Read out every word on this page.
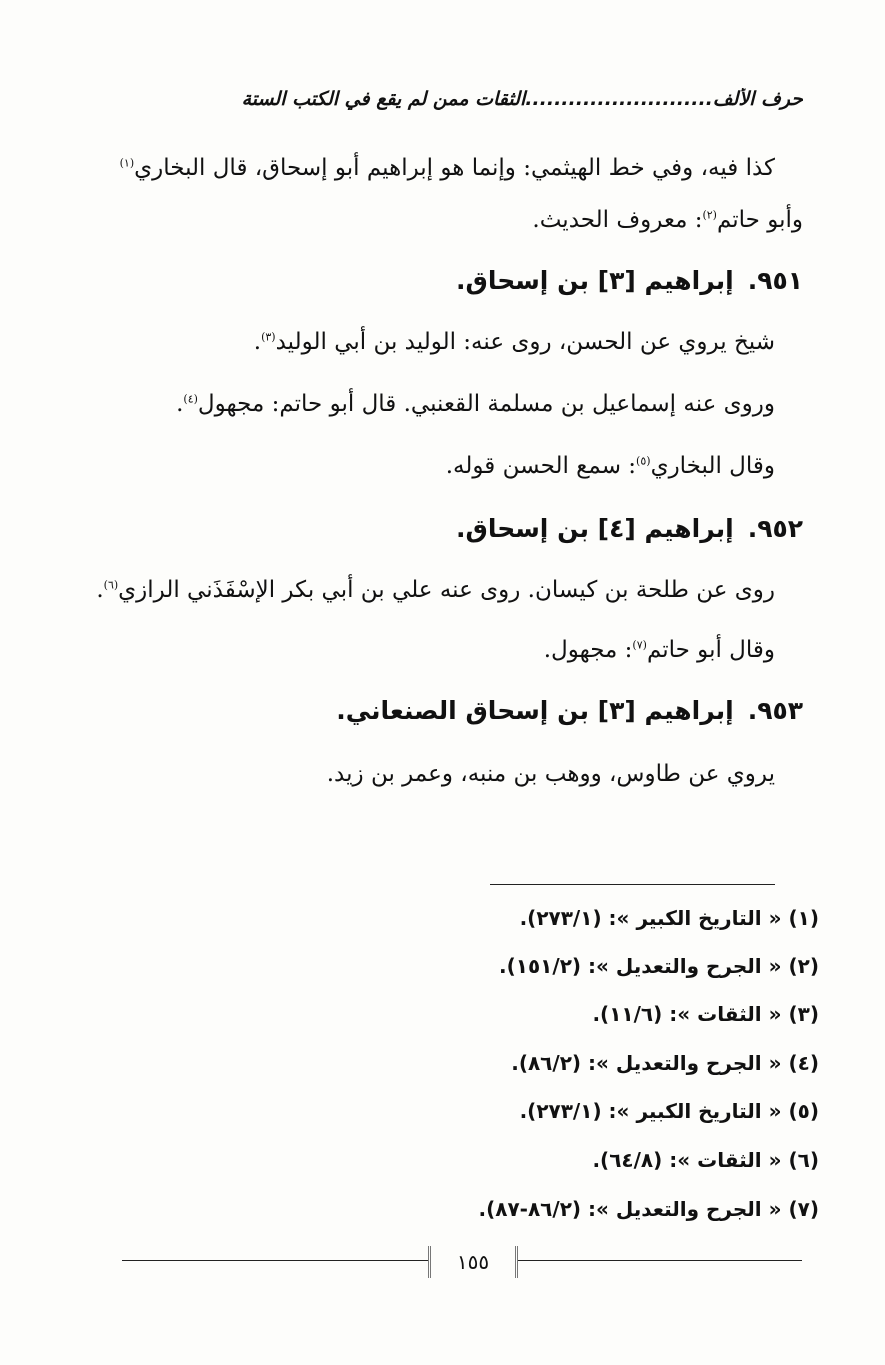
حرف الألف..........................الثقات ممن لم يقع في الكتب الستة
كذا فيه، وفي خط الهيثمي: وإنما هو إبراهيم أبو إسحاق، قال البخاري$^{(١)}$
وأبو حاتم$^{(٢)}$: معروف الحديث.
٩٥١.إبراهيم [٣] بن إسحاق.
شيخ يروي عن الحسن، روى عنه: الوليد بن أبي الوليد$^{(٣)}$.
وروى عنه إسماعيل بن مسلمة القعنبي. قال أبو حاتم: مجهول$^{(٤)}$.
وقال البخاري$^{(٥)}$: سمع الحسن قوله.
٩٥٢.إبراهيم [٤] بن إسحاق.
روى عن طلحة بن كيسان. روى عنه علي بن أبي بكر الإسْفَذَني الرازي$^{(٦)}$.
وقال أبو حاتم$^{(٧)}$: مجهول.
٩٥٣.إبراهيم [٣] بن إسحاق الصنعاني.
يروي عن طاوس، ووهب بن منبه، وعمر بن زيد.
(١) « التاريخ الكبير »: (٢٧٣/١).
(٢) « الجرح والتعديل »: (١٥١/٢).
(٣) « الثقات »: (١١/٦).
(٤) « الجرح والتعديل »: (٨٦/٢).
(٥) « التاريخ الكبير »: (٢٧٣/١).
(٦) « الثقات »: (٦٤/٨).
(٧) « الجرح والتعديل »: (٨٦/٢-٨٧).
١٥٥
